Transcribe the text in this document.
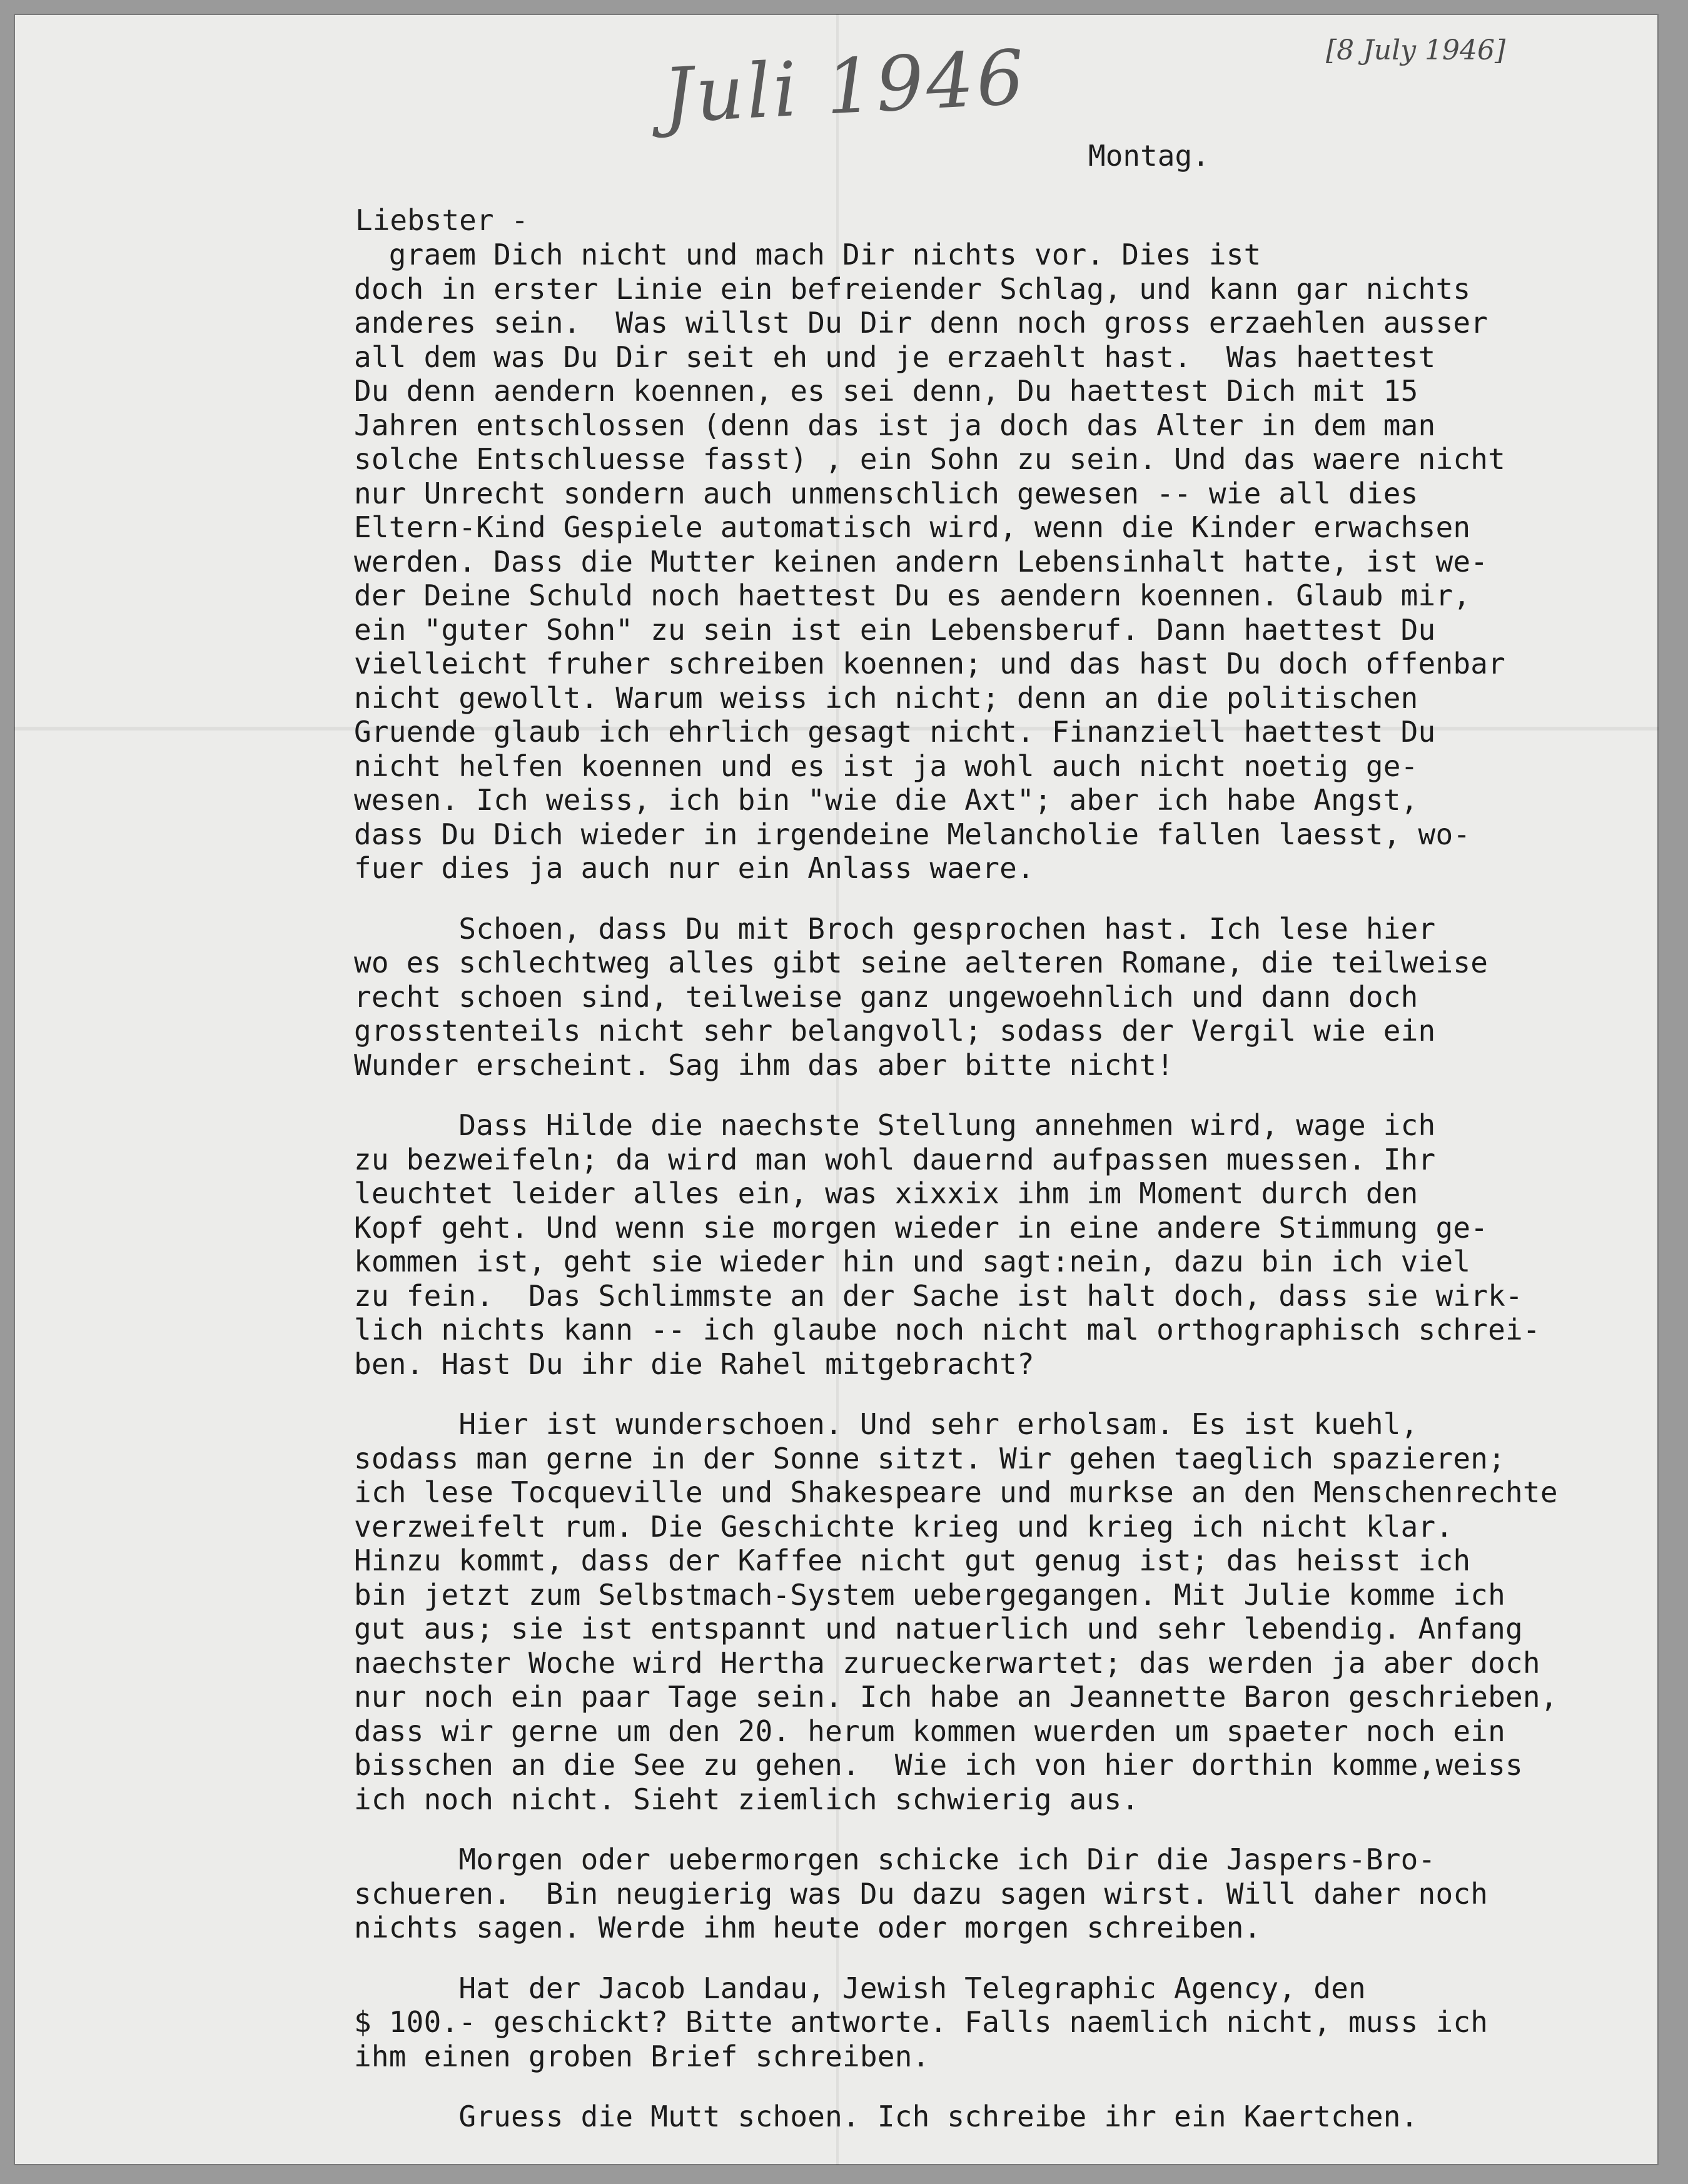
Juli 1946	[8 July 1946]
Montag.
Liebster -
graem Dich nicht und mach Dir nichts vor. Dies ist
doch in erster Linie ein befreiender Schlag, und kann gar nichts
anderes sein.  Was willst Du Dir denn noch gross erzaehlen ausser
all dem was Du Dir seit eh und je erzaehlt hast.  Was haettest
Du denn aendern koennen, es sei denn, Du haettest Dich mit 15
Jahren entschlossen (denn das ist ja doch das Alter in dem man
solche Entschluesse fasst) , ein Sohn zu sein. Und das waere nicht
nur Unrecht sondern auch unmenschlich gewesen -- wie all dies
Eltern-Kind Gespiele automatisch wird, wenn die Kinder erwachsen
werden. Dass die Mutter keinen andern Lebensinhalt hatte, ist we-
der Deine Schuld noch haettest Du es aendern koennen. Glaub mir,
ein "guter Sohn" zu sein ist ein Lebensberuf. Dann haettest Du
vielleicht fruher schreiben koennen; und das hast Du doch offenbar
nicht gewollt. Warum weiss ich nicht; denn an die politischen
Gruende glaub ich ehrlich gesagt nicht. Finanziell haettest Du
nicht helfen koennen und es ist ja wohl auch nicht noetig ge-
wesen. Ich weiss, ich bin "wie die Axt"; aber ich habe Angst,
dass Du Dich wieder in irgendeine Melancholie fallen laesst, wo-
fuer dies ja auch nur ein Anlass waere.
Schoen, dass Du mit Broch gesprochen hast. Ich lese hier
wo es schlechtweg alles gibt seine aelteren Romane, die teilweise
recht schoen sind, teilweise ganz ungewoehnlich und dann doch
grosstenteils nicht sehr belangvoll; sodass der Vergil wie ein
Wunder erscheint. Sag ihm das aber bitte nicht!
Dass Hilde die naechste Stellung annehmen wird, wage ich
zu bezweifeln; da wird man wohl dauernd aufpassen muessen. Ihr
leuchtet leider alles ein, was xixxix ihm im Moment durch den
Kopf geht. Und wenn sie morgen wieder in eine andere Stimmung ge-
kommen ist, geht sie wieder hin und sagt:nein, dazu bin ich viel
zu fein.  Das Schlimmste an der Sache ist halt doch, dass sie wirk-
lich nichts kann -- ich glaube noch nicht mal orthographisch schrei-
ben. Hast Du ihr die Rahel mitgebracht?
Hier ist wunderschoen. Und sehr erholsam. Es ist kuehl,
sodass man gerne in der Sonne sitzt. Wir gehen taeglich spazieren;
ich lese Tocqueville und Shakespeare und murkse an den Menschenrechte
verzweifelt rum. Die Geschichte krieg und krieg ich nicht klar.
Hinzu kommt, dass der Kaffee nicht gut genug ist; das heisst ich
bin jetzt zum Selbstmach-System uebergegangen. Mit Julie komme ich
gut aus; sie ist entspannt und natuerlich und sehr lebendig. Anfang
naechster Woche wird Hertha zurueckerwartet; das werden ja aber doch
nur noch ein paar Tage sein. Ich habe an Jeannette Baron geschrieben,
dass wir gerne um den 20. herum kommen wuerden um spaeter noch ein
bisschen an die See zu gehen.  Wie ich von hier dorthin komme,weiss
ich noch nicht. Sieht ziemlich schwierig aus.
Morgen oder uebermorgen schicke ich Dir die Jaspers-Bro-
schueren.  Bin neugierig was Du dazu sagen wirst. Will daher noch
nichts sagen. Werde ihm heute oder morgen schreiben.
Hat der Jacob Landau, Jewish Telegraphic Agency, den
$ 100.- geschickt? Bitte antworte. Falls naemlich nicht, muss ich
ihm einen groben Brief schreiben.
Gruess die Mutt schoen. Ich schreibe ihr ein Kaertchen.
